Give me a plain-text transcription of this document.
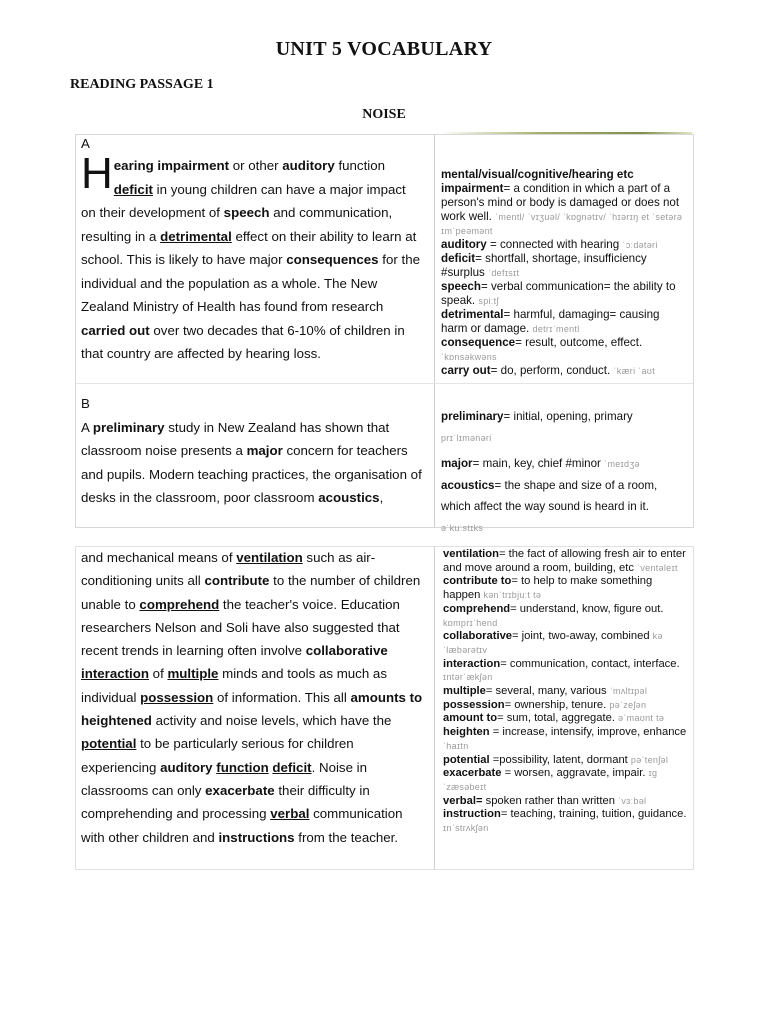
UNIT 5 VOCABULARY
READING PASSAGE 1
NOISE
A
Hearing impairment or other auditory function deficit in young children can have a major impact on their development of speech and communication, resulting in a detrimental effect on their ability to learn at school. This is likely to have major consequences for the individual and the population as a whole. The New Zealand Ministry of Health has found from research carried out over two decades that 6-10% of children in that country are affected by hearing loss.
B
A preliminary study in New Zealand has shown that classroom noise presents a major concern for teachers and pupils. Modern teaching practices, the organisation of desks in the classroom, poor classroom acoustics,

mental/visual/cognitive/hearing etc

impairment= a condition in which a part of a person's mind or body is damaged or does not work well. ˈmentl/ ˈvɪʒuəl/ ˈkɒɡnətɪv/ ˈhɪərɪŋ et ˈsetərə ɪmˈpeəmənt

auditory = connected with hearing ˈɔːdətəri

deficit= shortfall, shortage, insufficiency #surplus ˈdefɪsɪt

speech= verbal communication= the ability to speak. spiːtʃ

detrimental= harmful, damaging= causing harm or damage. detrɪˈmentl

consequence= result, outcome, effect. ˈkɒnsəkwəns

carry out= do, perform, conduct. ˈkæri ˈaʊt

preliminary= initial, opening, primary

prɪˈlɪmənəri

major= main, key, chief #minor ˈmeɪdʒə

acoustics= the shape and size of a room, which affect the way sound is heard in it.

əˈkuːstɪks

and mechanical means of ventilation such as air-conditioning units all contribute to the number of children unable to comprehend the teacher's voice. Education researchers Nelson and Soli have also suggested that recent trends in learning often involve collaborative interaction of multiple minds and tools as much as individual possession of information. This all amounts to heightened activity and noise levels, which have the potential to be particularly serious for children experiencing auditory function deficit. Noise in classrooms can only exacerbate their difficulty in comprehending and processing verbal communication with other children and instructions from the teacher.

ventilation= the fact of allowing fresh air to enter and move around a room, building, etc ˈventəleɪt

contribute to= to help to make something happen kənˈtrɪbjuːt tə

comprehend= understand, know, figure out. kɒmprɪˈhend

collaborative= joint, two-away, combined kəˈlæbərətɪv

interaction= communication, contact, interface. ɪntərˈækʃən

multiple= several, many, various ˈmʌltɪpəl

possession= ownership, tenure. pəˈzeʃən

amount to= sum, total, aggregate. əˈmaʊnt tə

heighten = increase, intensify, improve, enhance ˈhaɪtn

potential =possibility, latent, dormant pəˈtenʃəl

exacerbate = worsen, aggravate, impair. ɪɡˈzæsəbeɪt

verbal= spoken rather than written ˈvɜːbəl

instruction= teaching, training, tuition, guidance. ɪnˈstrʌkʃən
